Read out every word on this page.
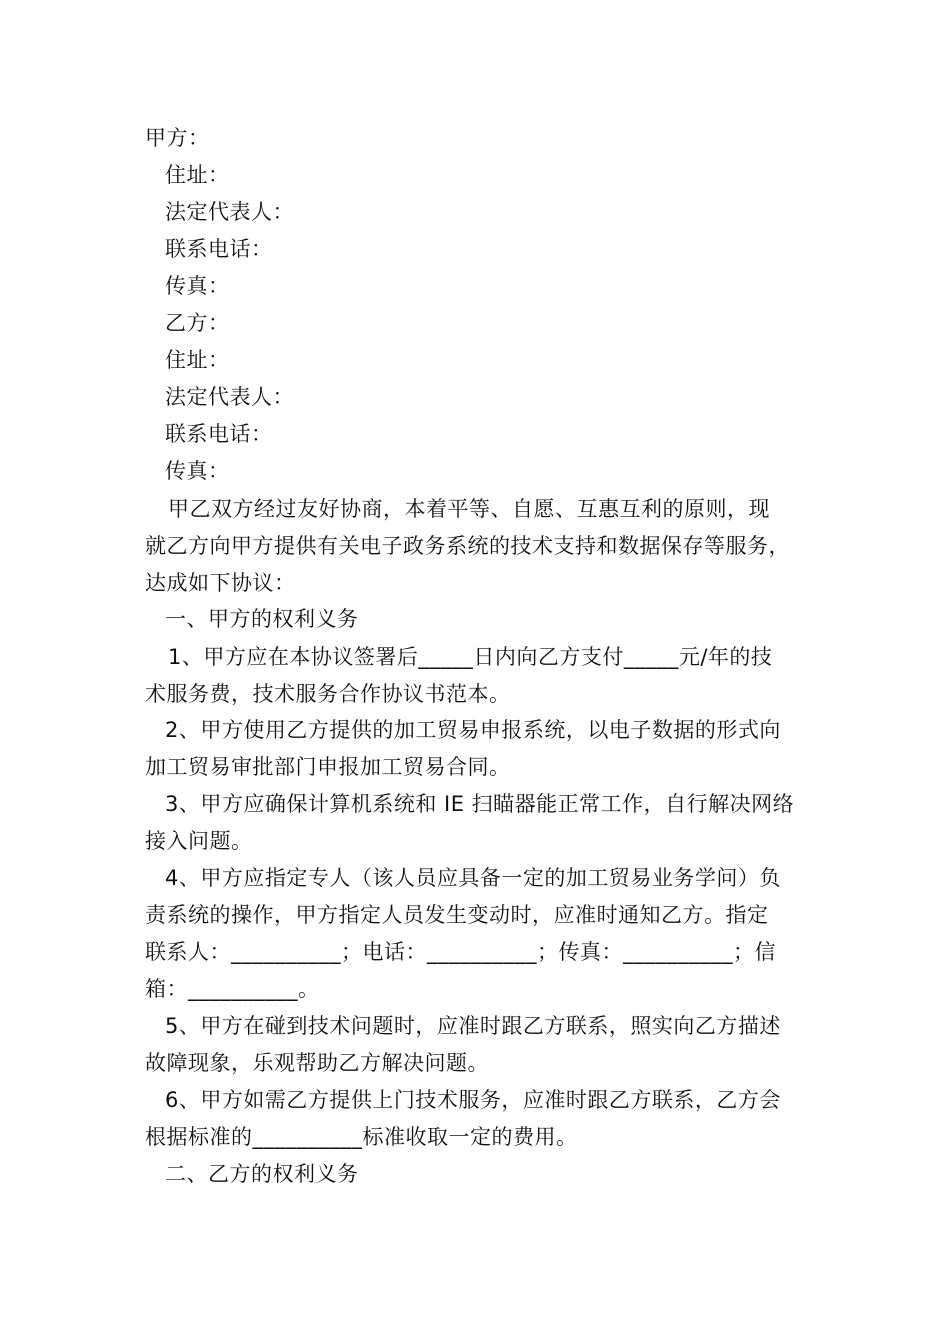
甲方：
住址：
法定代表人：
联系电话：
传真：
乙方：
住址：
法定代表人：
联系电话：
传真：
甲乙双方经过友好协商，本着平等、自愿、互惠互利的原则，现
就乙方向甲方提供有关电子政务系统的技术支持和数据保存等服务，
达成如下协议：
一、甲方的权利义务
1、甲方应在本协议签署后_____日内向乙方支付_____元/年的技
术服务费，技术服务合作协议书范本。
2、甲方使用乙方提供的加工贸易申报系统，以电子数据的形式向
加工贸易审批部门申报加工贸易合同。
3、甲方应确保计算机系统和 IE 扫瞄器能正常工作，自行解决网络
接入问题。
4、甲方应指定专人（该人员应具备一定的加工贸易业务学问）负
责系统的操作，甲方指定人员发生变动时，应准时通知乙方。指定
联系人：__________；电话：__________；传真：__________；信
箱：__________。
5、甲方在碰到技术问题时，应准时跟乙方联系，照实向乙方描述
故障现象，乐观帮助乙方解决问题。
6、甲方如需乙方提供上门技术服务，应准时跟乙方联系，乙方会
根据标准的__________标准收取一定的费用。
二、乙方的权利义务
